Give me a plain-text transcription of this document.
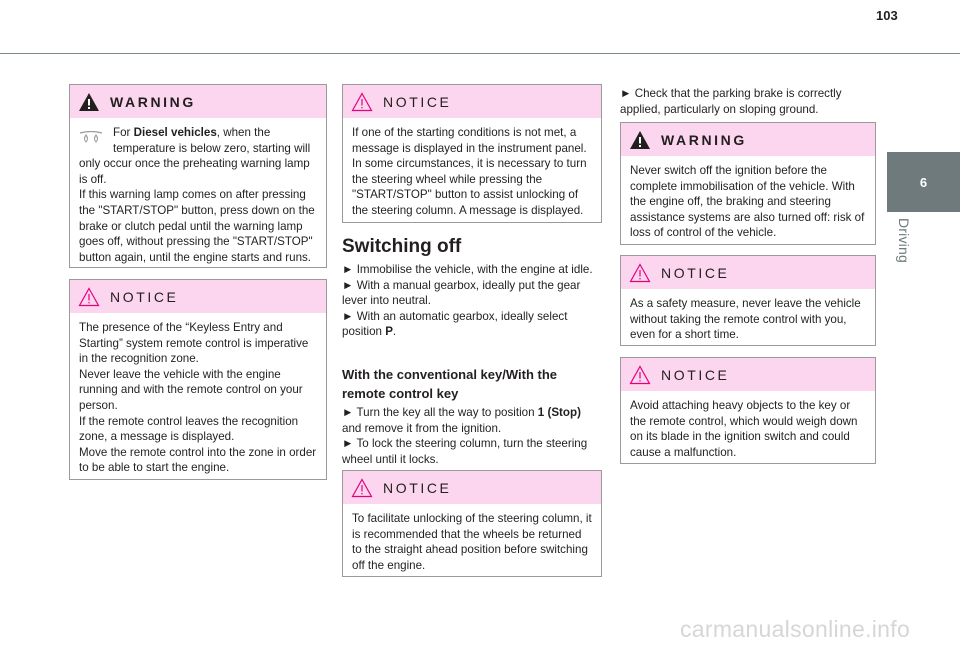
103
6
Driving
WARNING

For Diesel vehicles, when the temperature is below zero, starting will only occur once the preheating warning lamp is off.

If this warning lamp comes on after pressing the "START/STOP" button, press down on the brake or clutch pedal until the warning lamp goes off, without pressing the "START/STOP" button again, until the engine starts and runs.

NOTICE

The presence of the “Keyless Entry and Starting” system remote control is imperative in the recognition zone.

Never leave the vehicle with the engine running and with the remote control on your person.

If the remote control leaves the recognition zone, a message is displayed.

Move the remote control into the zone in order to be able to start the engine.

NOTICE

If one of the starting conditions is not met, a message is displayed in the instrument panel. In some circumstances, it is necessary to turn the steering wheel while pressing the "START/STOP" button to assist unlocking of the steering column. A message is displayed.

Switching off

► Immobilise the vehicle, with the engine at idle.

► With a manual gearbox, ideally put the gear lever into neutral.

► With an automatic gearbox, ideally select position P.

With the conventional key/With the remote control key

► Turn the key all the way to position 1 (Stop) and remove it from the ignition.

► To lock the steering column, turn the steering wheel until it locks.

NOTICE

To facilitate unlocking of the steering column, it is recommended that the wheels be returned to the straight ahead position before switching off the engine.

► Check that the parking brake is correctly applied, particularly on sloping ground.

WARNING

Never switch off the ignition before the complete immobilisation of the vehicle. With the engine off, the braking and steering assistance systems are also turned off: risk of loss of control of the vehicle.

NOTICE

As a safety measure, never leave the vehicle without taking the remote control with you, even for a short time.

NOTICE

Avoid attaching heavy objects to the key or the remote control, which would weigh down on its blade in the ignition switch and could cause a malfunction.

carmanualsonline.info
